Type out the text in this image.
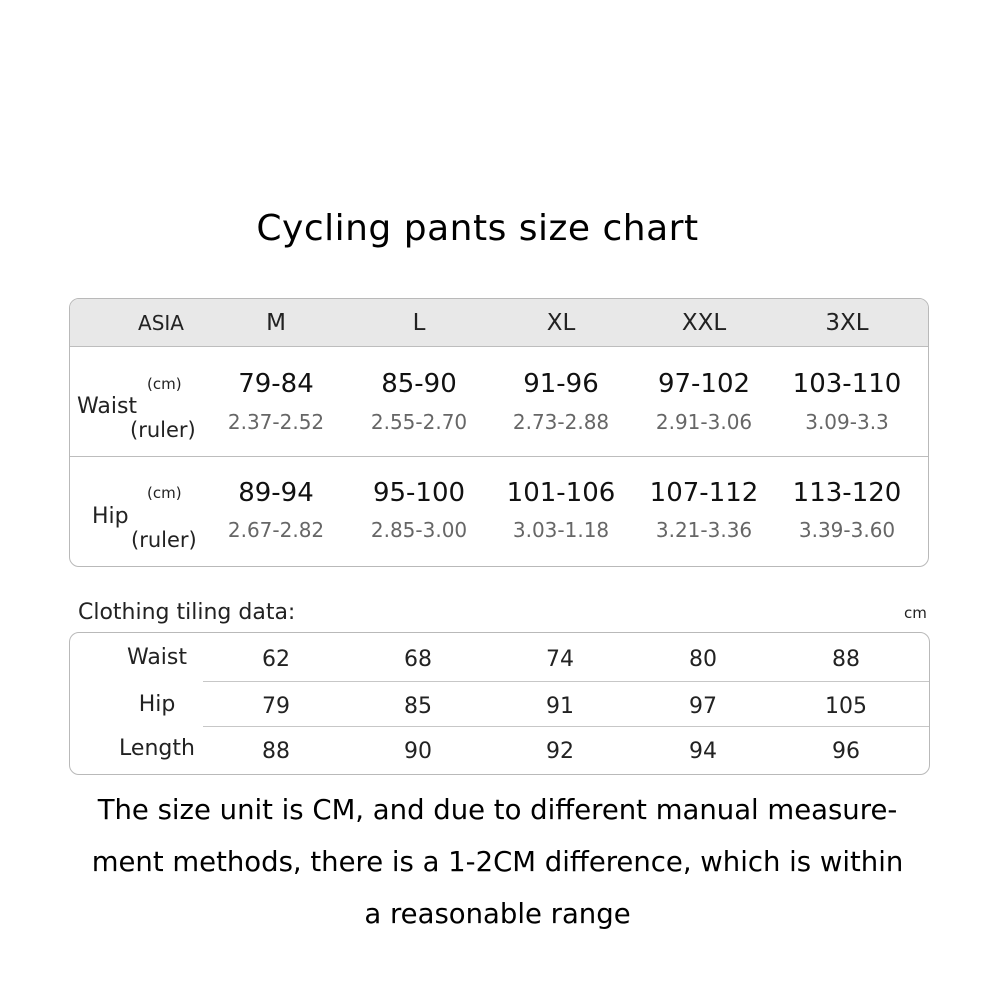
Cycling pants size chart
ASIA	M	L	XL	XXL	3XL
(cm)
Waist
(ruler)
79-84	85-90	91-96 97-102 103-110
2.37-2.52 2.55-2.70 2.73-2.88 2.91-3.06	3.09-3.3
(cm)
Hip
(ruler)
89-94 95-100 101-106 107-112 113-120
2.67-2.82 2.85-3.00 3.03-1.18 3.21-3.36 3.39-3.60
Clothing tiling data:	cm
Waist	62	68	74	80	88
Hip	79	85	91	97	105
Length	88	90	92	94	96
The size unit is CM, and due to different manual measure-
ment methods, there is a 1-2CM difference, which is within
a reasonable range
